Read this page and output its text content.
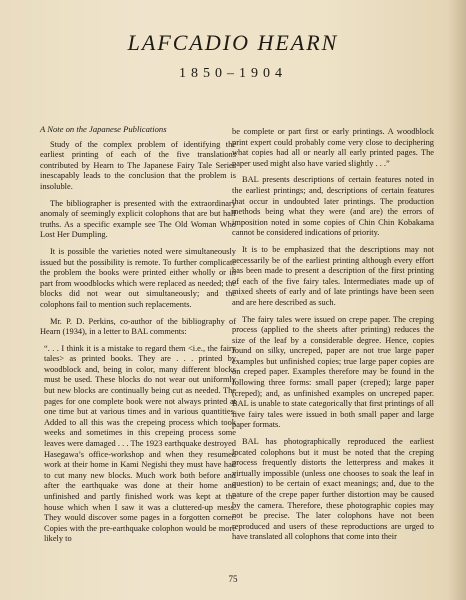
LAFCADIO HEARN
1850–1904

A Note on the Japanese Publications

Study of the complex problem of identifying the earliest printing of each of the five translations contributed by Hearn to The Japanese Fairy Tale Series inescapably leads to the conclusion that the problem is insoluble.

The bibliographer is presented with the extraordinary anomaly of seemingly explicit colophons that are but half truths. As a specific example see The Old Woman Who Lost Her Dumpling.

It is possible the varieties noted were simultaneously issued but the possibility is remote. To further complicate the problem the books were printed either wholly or in part from woodblocks which were replaced as needed; the blocks did not wear out simultaneously; and the colophons fail to mention such replacements.

Mr. P. D. Perkins, co-author of the bibliography of Hearn (1934), in a letter to BAL comments:

“. . . I think it is a mistake to regard them <i.e., the fairy tales> as printed books. They are . . . printed by woodblock and, being in color, many different blocks must be used. These blocks do not wear out uniformly but new blocks are continually being cut as needed. The pages for one complete book were not always printed at one time but at various times and in various quantities. Added to all this was the crepeing process which took weeks and sometimes in this crepeing process some leaves were damaged . . . The 1923 earthquake destroyed Hasegawa’s office-workshop and when they resumed work at their home in Kami Negishi they must have had to cut many new blocks. Much work both before and after the earthquake was done at their home and unfinished and partly finished work was kept at the house which when I saw it was a cluttered-up mess. They would discover some pages in a forgotten corner. Copies with the pre-earthquake colophon would be more likely to

be complete or part first or early printings. A woodblock print expert could probably come very close to deciphering what copies had all or nearly all early printed pages. The paper used might also have varied slightly . . .”

BAL presents descriptions of certain features noted in the earliest printings; and, descriptions of certain features that occur in undoubted later printings. The production methods being what they were (and are) the errors of imposition noted in some copies of Chin Chin Kobakama cannot be considered indications of priority.

It is to be emphasized that the descriptions may not necessarily be of the earliest printing although every effort has been made to present a description of the first printing of each of the five fairy tales. Intermediates made up of mixed sheets of early and of late printings have been seen and are here described as such.

The fairy tales were issued on crepe paper. The creping process (applied to the sheets after printing) reduces the size of the leaf by a considerable degree. Hence, copies found on silky, uncreped, paper are not true large paper examples but unfinished copies; true large paper copies are on creped paper. Examples therefore may be found in the following three forms: small paper (creped); large paper (creped); and, as unfinished examples on uncreped paper. BAL is unable to state categorically that first printings of all five fairy tales were issued in both small paper and large paper formats.

BAL has photographically reproduced the earliest located colophons but it must be noted that the creping process frequently distorts the letterpress and makes it virtually impossible (unless one chooses to soak the leaf in question) to be certain of exact meanings; and, due to the nature of the crepe paper further distortion may be caused by the camera. Therefore, these photographic copies may not be precise. The later colophons have not been reproduced and users of these reproductions are urged to have translated all colophons that come into their

75
